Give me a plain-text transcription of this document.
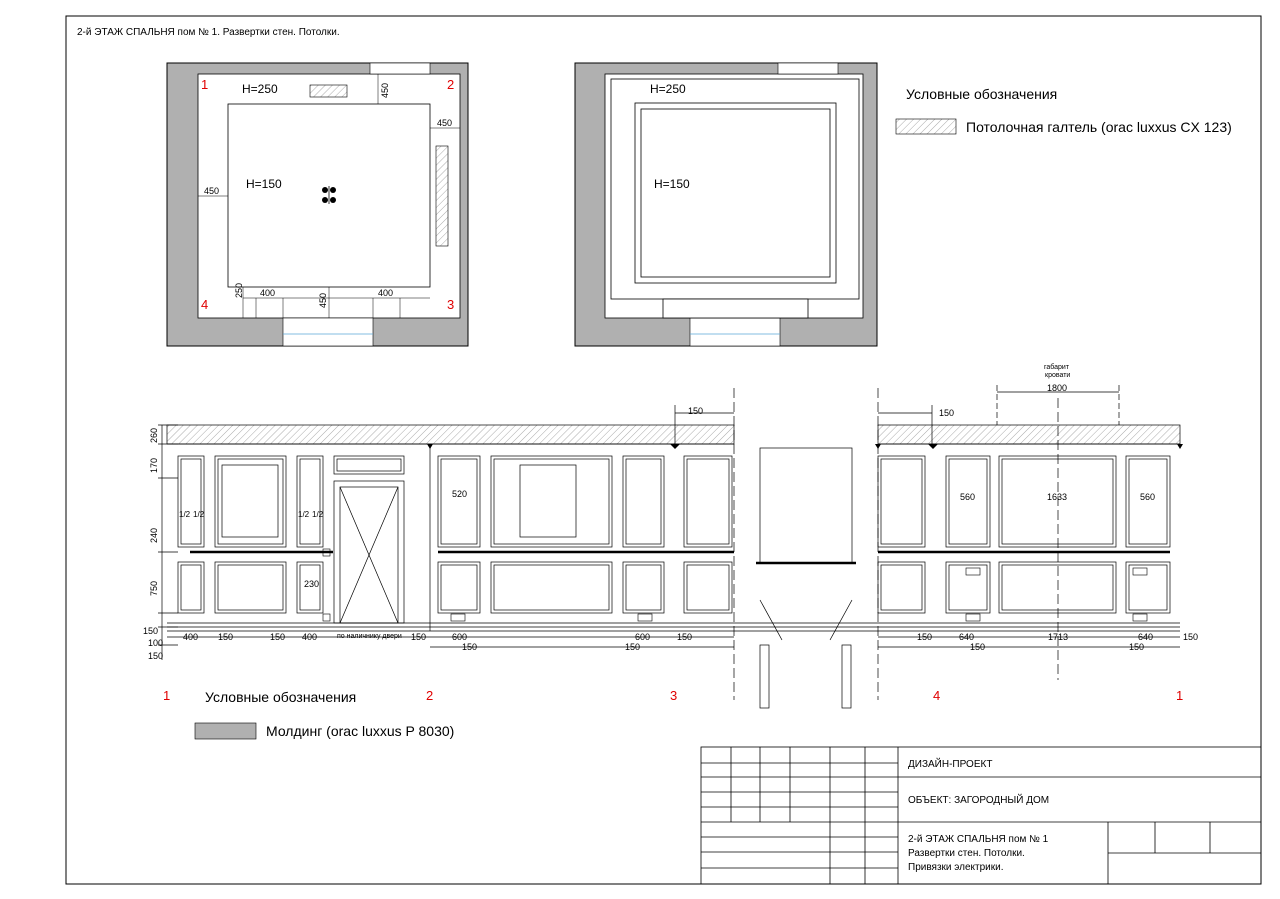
2-й ЭТАЖ СПАЛЬНЯ пом № 1. Развертки стен. Потолки.
1	2
3
4
H=250
H=150
450
450
450
400	450	400
250
H=250
H=150
Условные обозначения
Потолочная галтель (orac luxxus CX 123)
260
170
240
750
150
100
150
габарит
кровати
1800
150	150
1/2 1/2	1/2 1/2
520	560	1633	560
230
по наличнику двери
400 150	150 400	150	600
150
600
150
150	150	640
150
1713
150
640	150
1	2	3	4	1
Условные обозначения
Молдинг (orac luxxus P 8030)
ДИЗАЙН-ПРОЕКТ
ОБЪЕКТ: ЗАГОРОДНЫЙ ДОМ
2-й ЭТАЖ СПАЛЬНЯ пом № 1
Развертки стен. Потолки.
Привязки электрики.
